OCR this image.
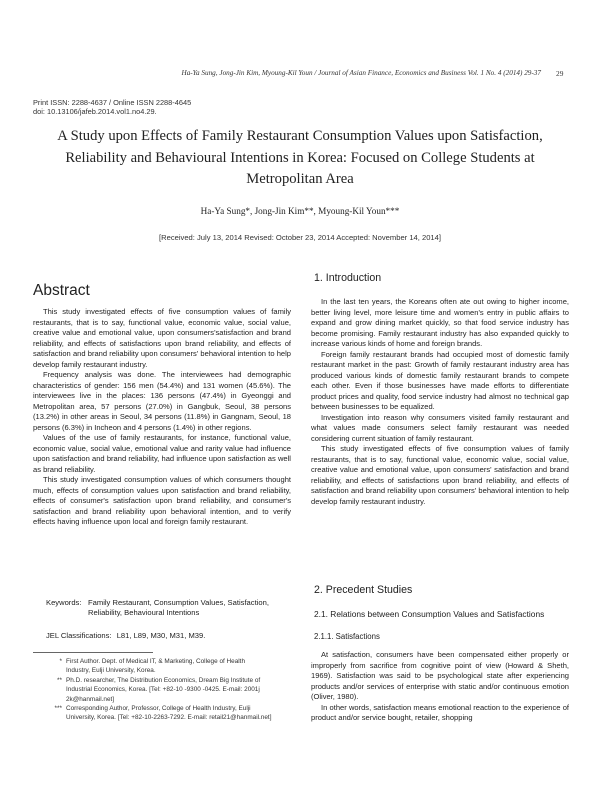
Ha-Ya Sung, Jong-Jin Kim, Myoung-Kil Youn / Journal of Asian Finance, Economics and Business Vol. 1 No. 4 (2014) 29-37 29
Print ISSN: 2288-4637 / Online ISSN 2288-4645
doi: 10.13106/jafeb.2014.vol1.no4.29.
A Study upon Effects of Family Restaurant Consumption Values upon Satisfaction,
Reliability and Behavioural Intentions in Korea: Focused on College Students at
Metropolitan Area
Ha-Ya Sung*, Jong-Jin Kim**, Myoung-Kil Youn***
[Received: July 13, 2014 Revised: October 23, 2014 Accepted: November 14, 2014]
Abstract

This study investigated effects of five consumption values of family restaurants, that is to say, functional value, economic value, social value, creative value and emotional value, upon consumers'satisfaction and brand reliability, and effects of satisfactions upon brand reliability, and effects of satisfaction and brand reliability upon consumers' behavioral intention to help develop family restaurant industry.

Frequency analysis was done. The interviewees had demographic characteristics of gender: 156 men (54.4%) and 131 women (45.6%). The interviewees live in the places: 136 persons (47.4%) in Gyeonggi and Metropolitan area, 57 persons (27.0%) in Gangbuk, Seoul, 38 persons (13.2%) in other areas in Seoul, 34 persons (11.8%) in Gangnam, Seoul, 18 persons (6.3%) in Incheon and 4 persons (1.4%) in other regions.

Values of the use of family restaurants, for instance, functional value, economic value, social value, emotional value and rarity value had influence upon satisfaction and brand reliability, had influence upon satisfaction as well as brand reliability.

This study investigated consumption values of which consumers thought much, effects of consumption values upon satisfaction and brand reliability, effects of consumer's satisfaction upon brand reliability, and consumer's satisfaction and brand reliability upon behavioral intention, and to verify effects having influence upon local and foreign family restaurant.

Keywords: Family Restaurant, Consumption Values, Satisfaction,
Reliability, Behavioural Intentions
JEL Classifications: L81, L89, M30, M31, M39.
* First Author. Dept. of Medical IT, & Marketing, College of Health
Industry, Eulji University, Korea.
** Ph.D. researcher, The Distribution Economics, Dream Big Institute of
Industrial Economics, Korea. [Tel: +82-10 -9300 -0425. E-mail: 2001j
2k@hanmail.net]
*** Corresponding Author, Professor, College of Health Industry, Eulji
University, Korea. [Tel: +82-10-2263-7292. E-mail: retail21@hanmail.net]
1. Introduction

In the last ten years, the Koreans often ate out owing to higher income, better living level, more leisure time and women's entry in public affairs to expand and grow dining market quickly, so that food service industry has become promising. Family restaurant industry has also expanded quickly to increase various kinds of home and foreign brands.

Foreign family restaurant brands had occupied most of domestic family restaurant market in the past: Growth of family restaurant industry area has produced various kinds of domestic family restaurant brands to compete each other. Even if those businesses have made efforts to differentiate product prices and quality, food service industry had almost no technical gap between businesses to be equalized.

Investigation into reason why consumers visited family restaurant and what values made consumers select family restaurant was needed considering current situation of family restaurant.

This study investigated effects of five consumption values of family restaurants, that is to say, functional value, economic value, social value, creative value and emotional value, upon consumers' satisfaction and brand reliability, and effects of satisfactions upon brand reliability, and effects of satisfaction and brand reliability upon consumers' behavioral intention to help develop family restaurant industry.

2. Precedent Studies
2.1. Relations between Consumption Values and Satisfactions
2.1.1. Satisfactions

At satisfaction, consumers have been compensated either properly or improperly from sacrifice from cognitive point of view (Howard & Sheth, 1969). Satisfaction was said to be psychological state after experiencing products and/or services of enterprise with static and/or continuous emotion (Oliver, 1980).

In other words, satisfaction means emotional reaction to the experience of product and/or service bought, retailer, shopping
